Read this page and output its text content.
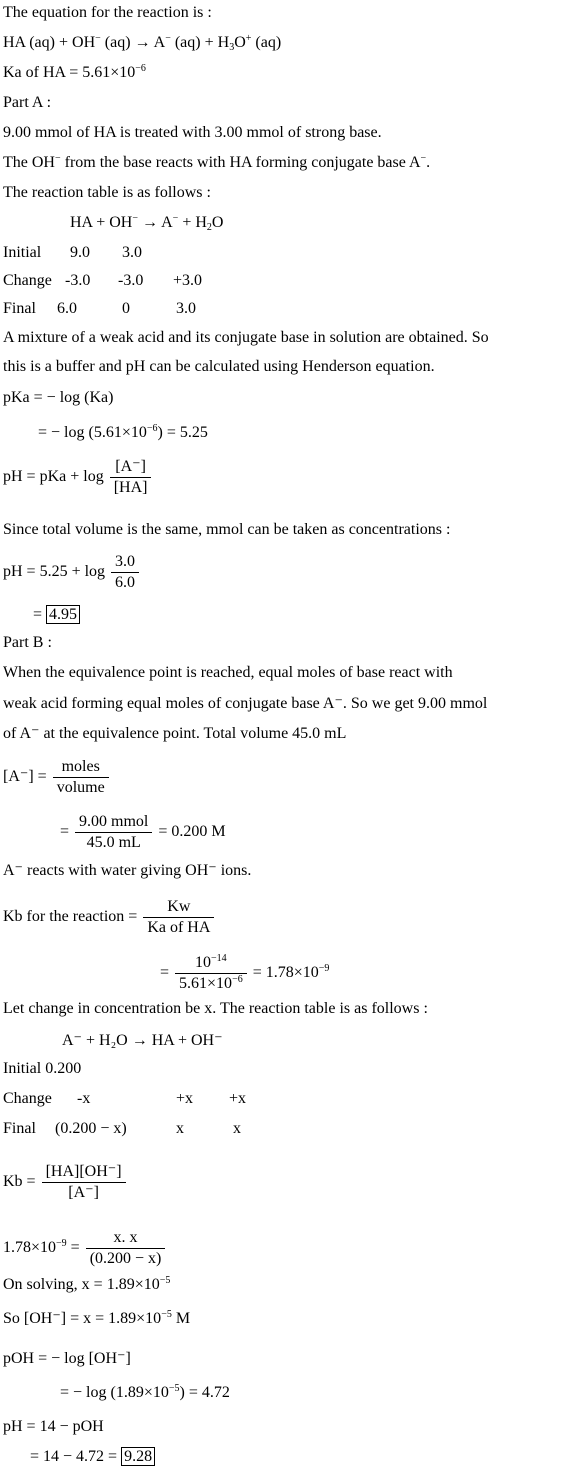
The equation for the reaction is :
HA (aq) + OH− (aq) → A− $(aq) + H_3O^+$ (aq)
Ka of HA = $5.61\times 10^{-6}$
Part A :
9.00 mmol of HA is treated with 3.00 mmol of strong base.
The OH− from the base reacts with HA forming conjugate base A−.
The reaction table is as follows :
HA + $OH^- \to A^- + H_2O$
Initial 9.0 3.0
Change -3.0 -3.0 +3.0
Final 6.0	0	3.0
A mixture of a weak acid and its conjugate base in solution are obtained. So
this is a buffer and pH can be calculated using Henderson equation.
pKa = − log (Ka)
= − $\log (5.61\times 10^{-6}) = 5.25$
pH = pKa + $\log \frac{[A^-]}{[HA]}$
Since total volume is the same, mmol can be taken as concentrations :
pH = $5.25 + \log \frac{3.0}{6.0}$
= 4.95
Part B :
When the equivalence point is reached, equal moles of base react with
weak acid forming equal moles of conjugate base A⁻. So we get 9.00 mmol
of A⁻ at the equivalence point. Total volume 45.0 mL
$[A^-] = \frac{\text{moles}}{\text{volume}}$
= $\frac{\text{9.00 mmol}}{45.0 mL} = 0.200$ M
A⁻ reacts with water giving OH⁻ ions.
Kb for the reaction = $\frac{Kw}{\text{Ka of HA}}$
= $\frac{10^{-14}}{5.61\times 10^{-6}} = 1.78\times 10^{-9}$
Let change in concentration be x. The reaction table is as follows :
A⁻ + H₂O → HA + OH⁻
Initial 0.200
Change -x	+x +x
Final (0.200 − x)	x	x
$Kb = \frac{[HA][OH^-]}{[A^-]}$
$1.78\times 10^{-9} = \frac{x. x}{(0.200 - x)}$
On solving, $x = 1.89\times 10^{-5}$
So $[OH^-] = x = 1.89\times 10^{-5}$ M
pOH = − log [OH⁻]
= − $\log (1.89\times 10^{-5}) = 4.72$
pH = 14 − pOH
= 14 − 4.72 = 9.28
